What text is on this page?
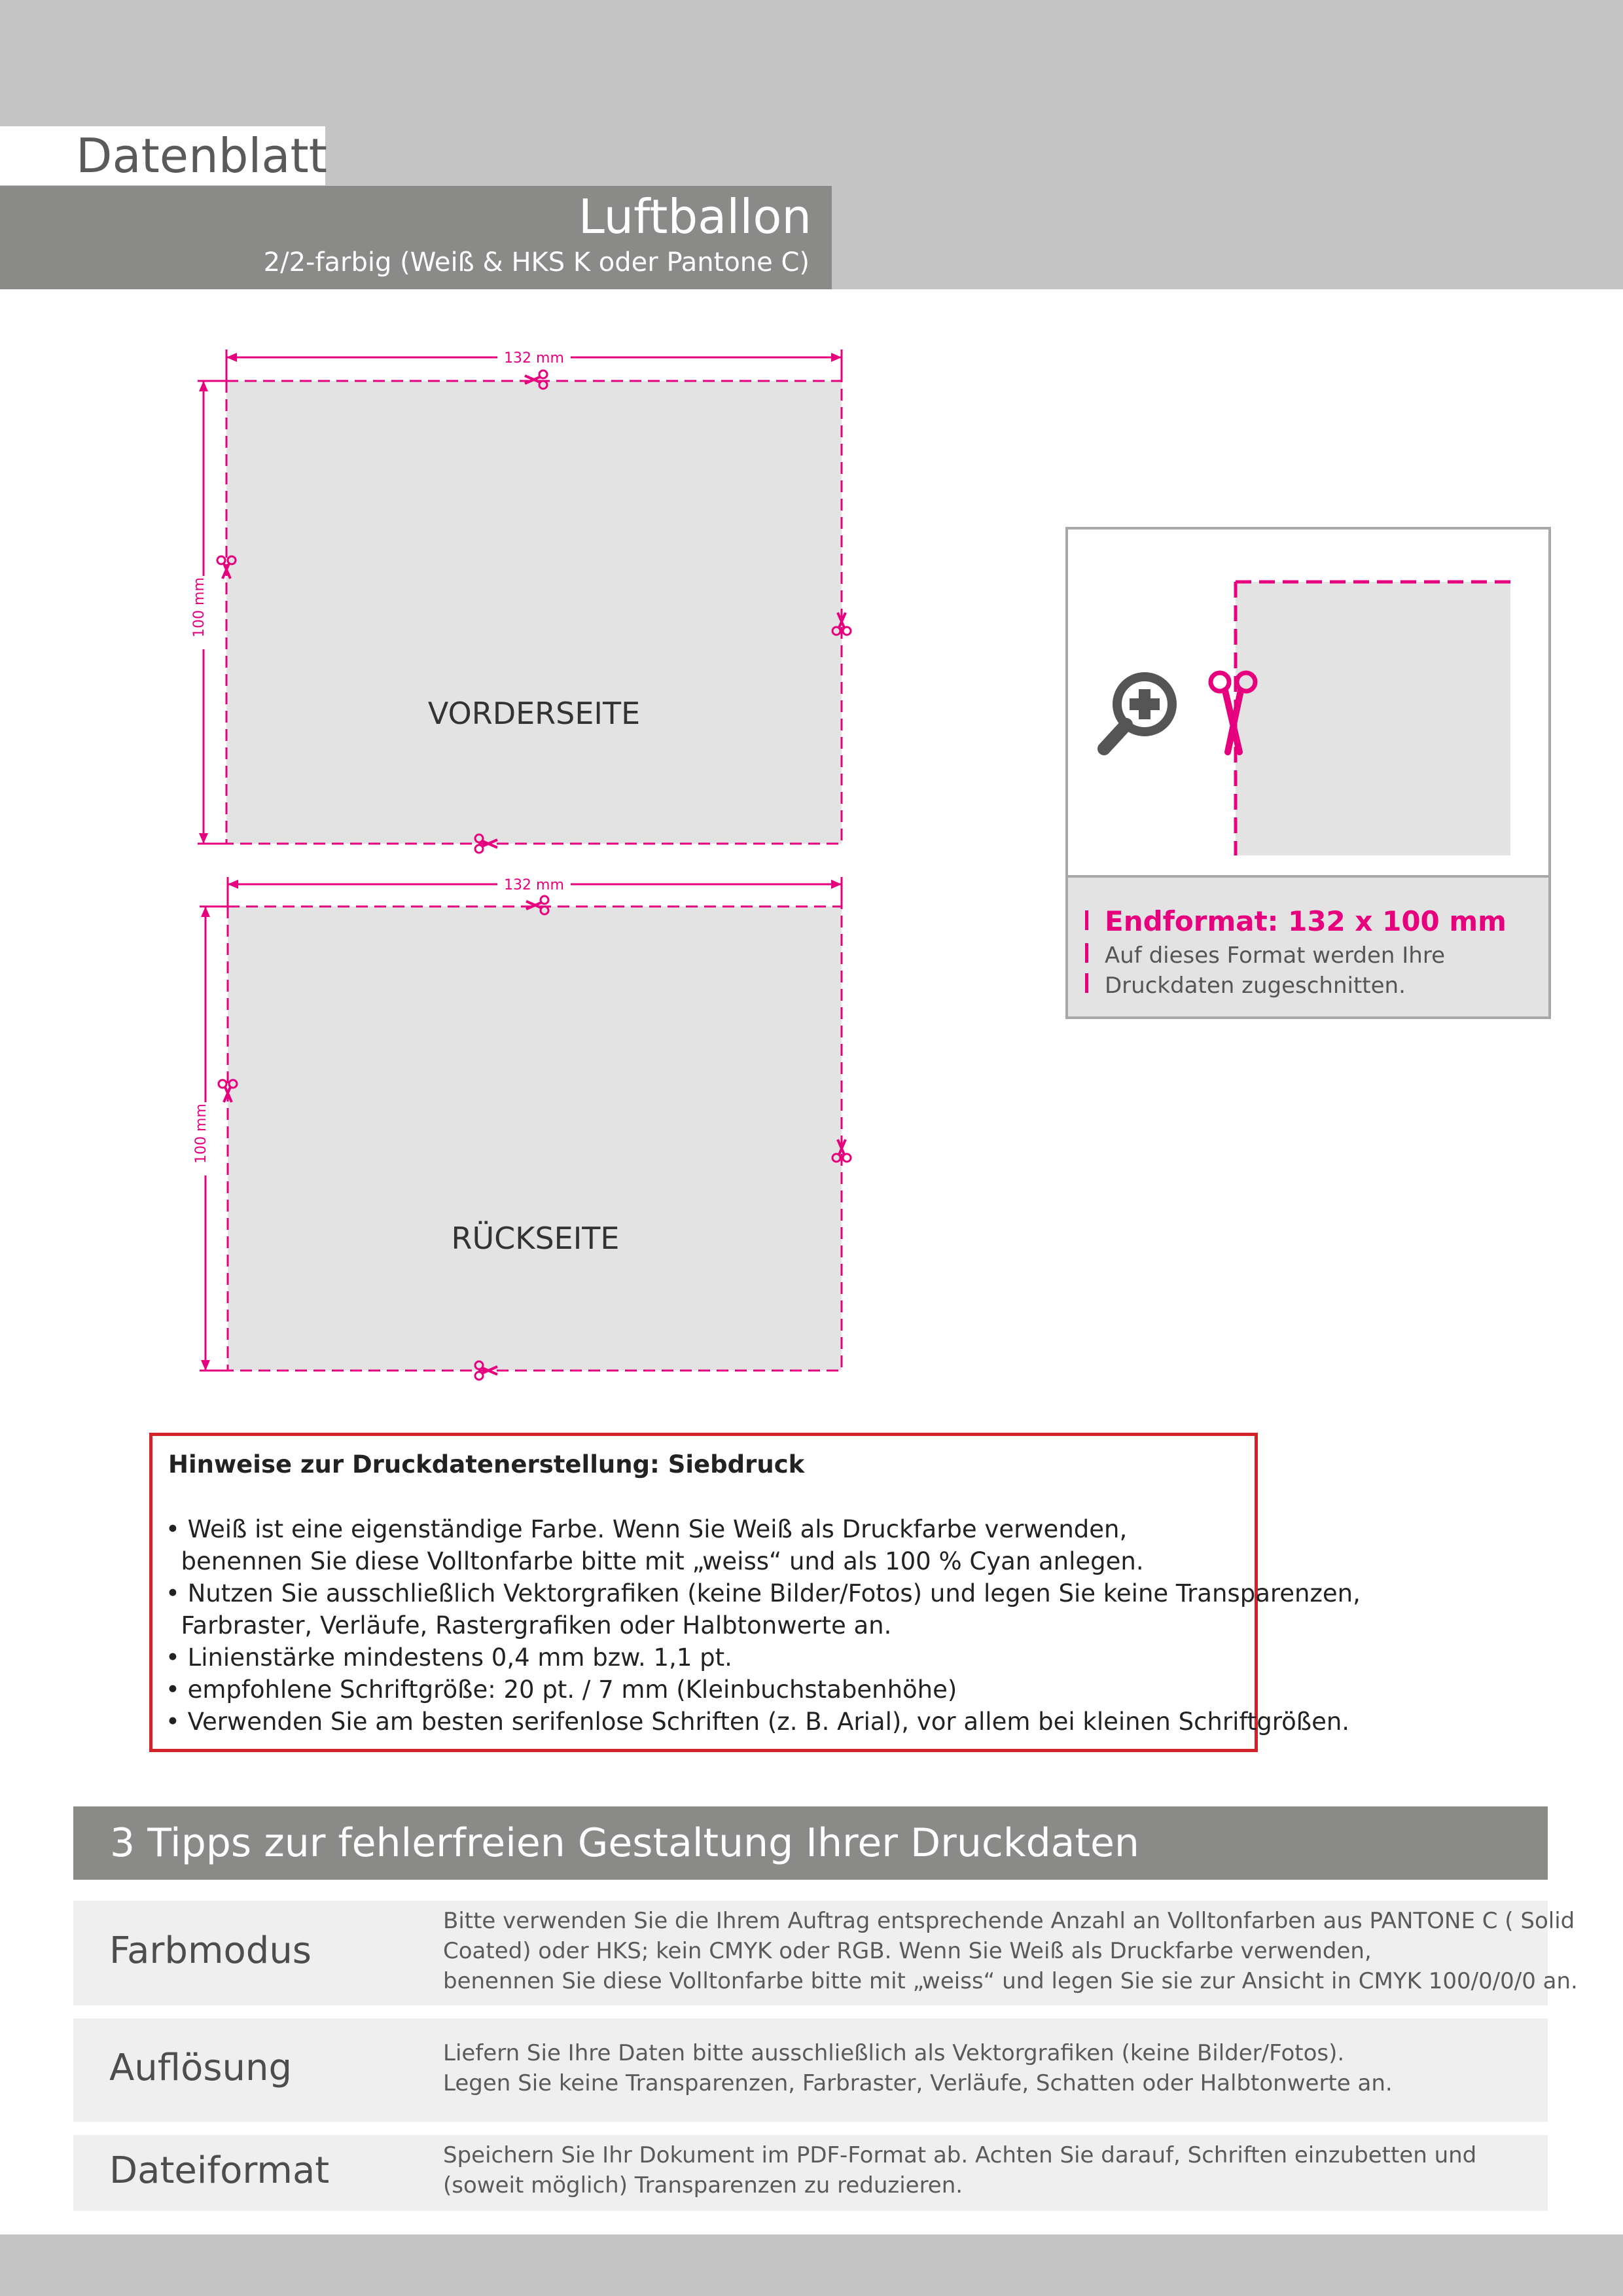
Datenblatt
Luftballon
2/2-farbig (Weiß & HKS K oder Pantone C)
132 mm
100 mm
VORDERSEITE
132 mm
100 mm
RÜCKSEITE
Endformat: 132 x 100 mm
Auf dieses Format werden Ihre Druckdaten zugeschnitten.
Hinweise zur Druckdatenerstellung: Siebdruck
• Weiß ist eine eigenständige Farbe. Wenn Sie Weiß als Druckfarbe verwenden,
benennen Sie diese Volltonfarbe bitte mit „weiss“ und als 100 % Cyan anlegen.
• Nutzen Sie ausschließlich Vektorgrafiken (keine Bilder/Fotos) und legen Sie keine Transparenzen,
Farbraster, Verläufe, Rastergrafiken oder Halbtonwerte an.
• Linienstärke mindestens 0,4 mm bzw. 1,1 pt.
• empfohlene Schriftgröße: 20 pt. / 7 mm (Kleinbuchstabenhöhe)
• Verwenden Sie am besten serifenlose Schriften (z. B. Arial), vor allem bei kleinen Schriftgrößen.
3 Tipps zur fehlerfreien Gestaltung Ihrer Druckdaten
Farbmodus
Bitte verwenden Sie die Ihrem Auftrag entsprechende Anzahl an Volltonfarben aus PANTONE C ( Solid
Coated) oder HKS; kein CMYK oder RGB. Wenn Sie Weiß als Druckfarbe verwenden,
benennen Sie diese Volltonfarbe bitte mit „weiss“ und legen Sie sie zur Ansicht in CMYK 100/0/0/0 an.
Auflösung	Liefern Sie Ihre Daten bitte ausschließlich als Vektorgrafiken (keine Bilder/Fotos).
Legen Sie keine Transparenzen, Farbraster, Verläufe, Schatten oder Halbtonwerte an.
Dateiformat	Speichern Sie Ihr Dokument im PDF-Format ab. Achten Sie darauf, Schriften einzubetten und
(soweit möglich) Transparenzen zu reduzieren.
